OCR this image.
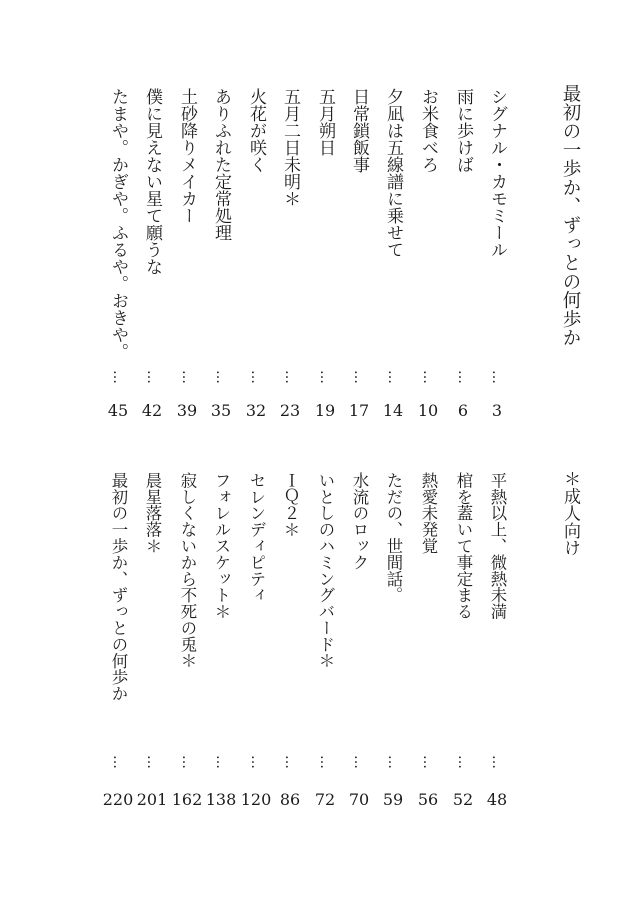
最初の一歩か、ずっとの何歩か
シグナル・カモミール
…
3
雨に歩けば
…
6
お米食べろ
…
10
夕凪は五線譜に乗せて
…
14
日常鎖飯事
…
17
五月朔日
…
19
五月二日未明＊
…
23
火花が咲く
…
32
ありふれた定常処理
…
35
土砂降りメイカー
…
39
僕に見えない星て願うな
…
42
たまや。かぎや。ふるや。おきや。
…
45
＊成人向け
平熱以上、微熱未満
…
48
棺を蓋いて事定まる
…
52
熱愛未発覚
…
56
ただの、世間話。
…
59
水流のロック
…
70
いとしのハミングバード＊
…
72
ＩＱ２＊
…
86
セレンディピティ
…
120
フォレルスケット＊
…
138
寂しくないから不死の兎＊
…
162
晨星落落＊
…
201
最初の一歩か、ずっとの何歩か
…
220
